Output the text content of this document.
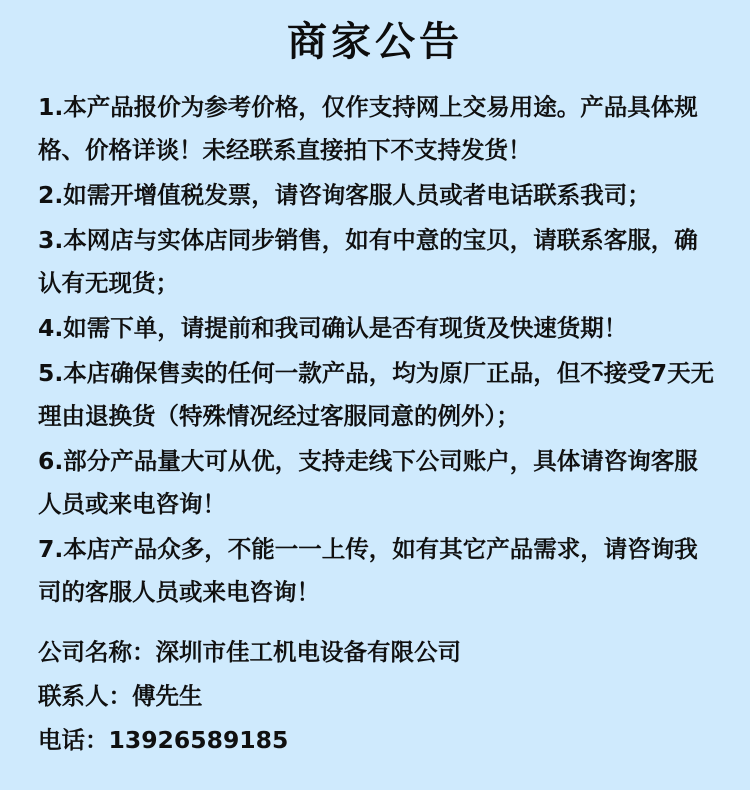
商家公告

1.本产品报价为参考价格，仅作支持网上交易用途。产品具体规格、价格详谈！未经联系直接拍下不支持发货！

2.如需开增值税发票，请咨询客服人员或者电话联系我司；

3.本网店与实体店同步销售，如有中意的宝贝，请联系客服，确认有无现货；

4.如需下单，请提前和我司确认是否有现货及快速货期！

5.本店确保售卖的任何一款产品，均为原厂正品，但不接受7天无理由退换货（特殊情况经过客服同意的例外）；

6.部分产品量大可从优，支持走线下公司账户，具体请咨询客服人员或来电咨询！

7.本店产品众多，不能一一上传，如有其它产品需求，请咨询我司的客服人员或来电咨询！

公司名称：深圳市佳工机电设备有限公司
联系人：傅先生
电话：13926589185
